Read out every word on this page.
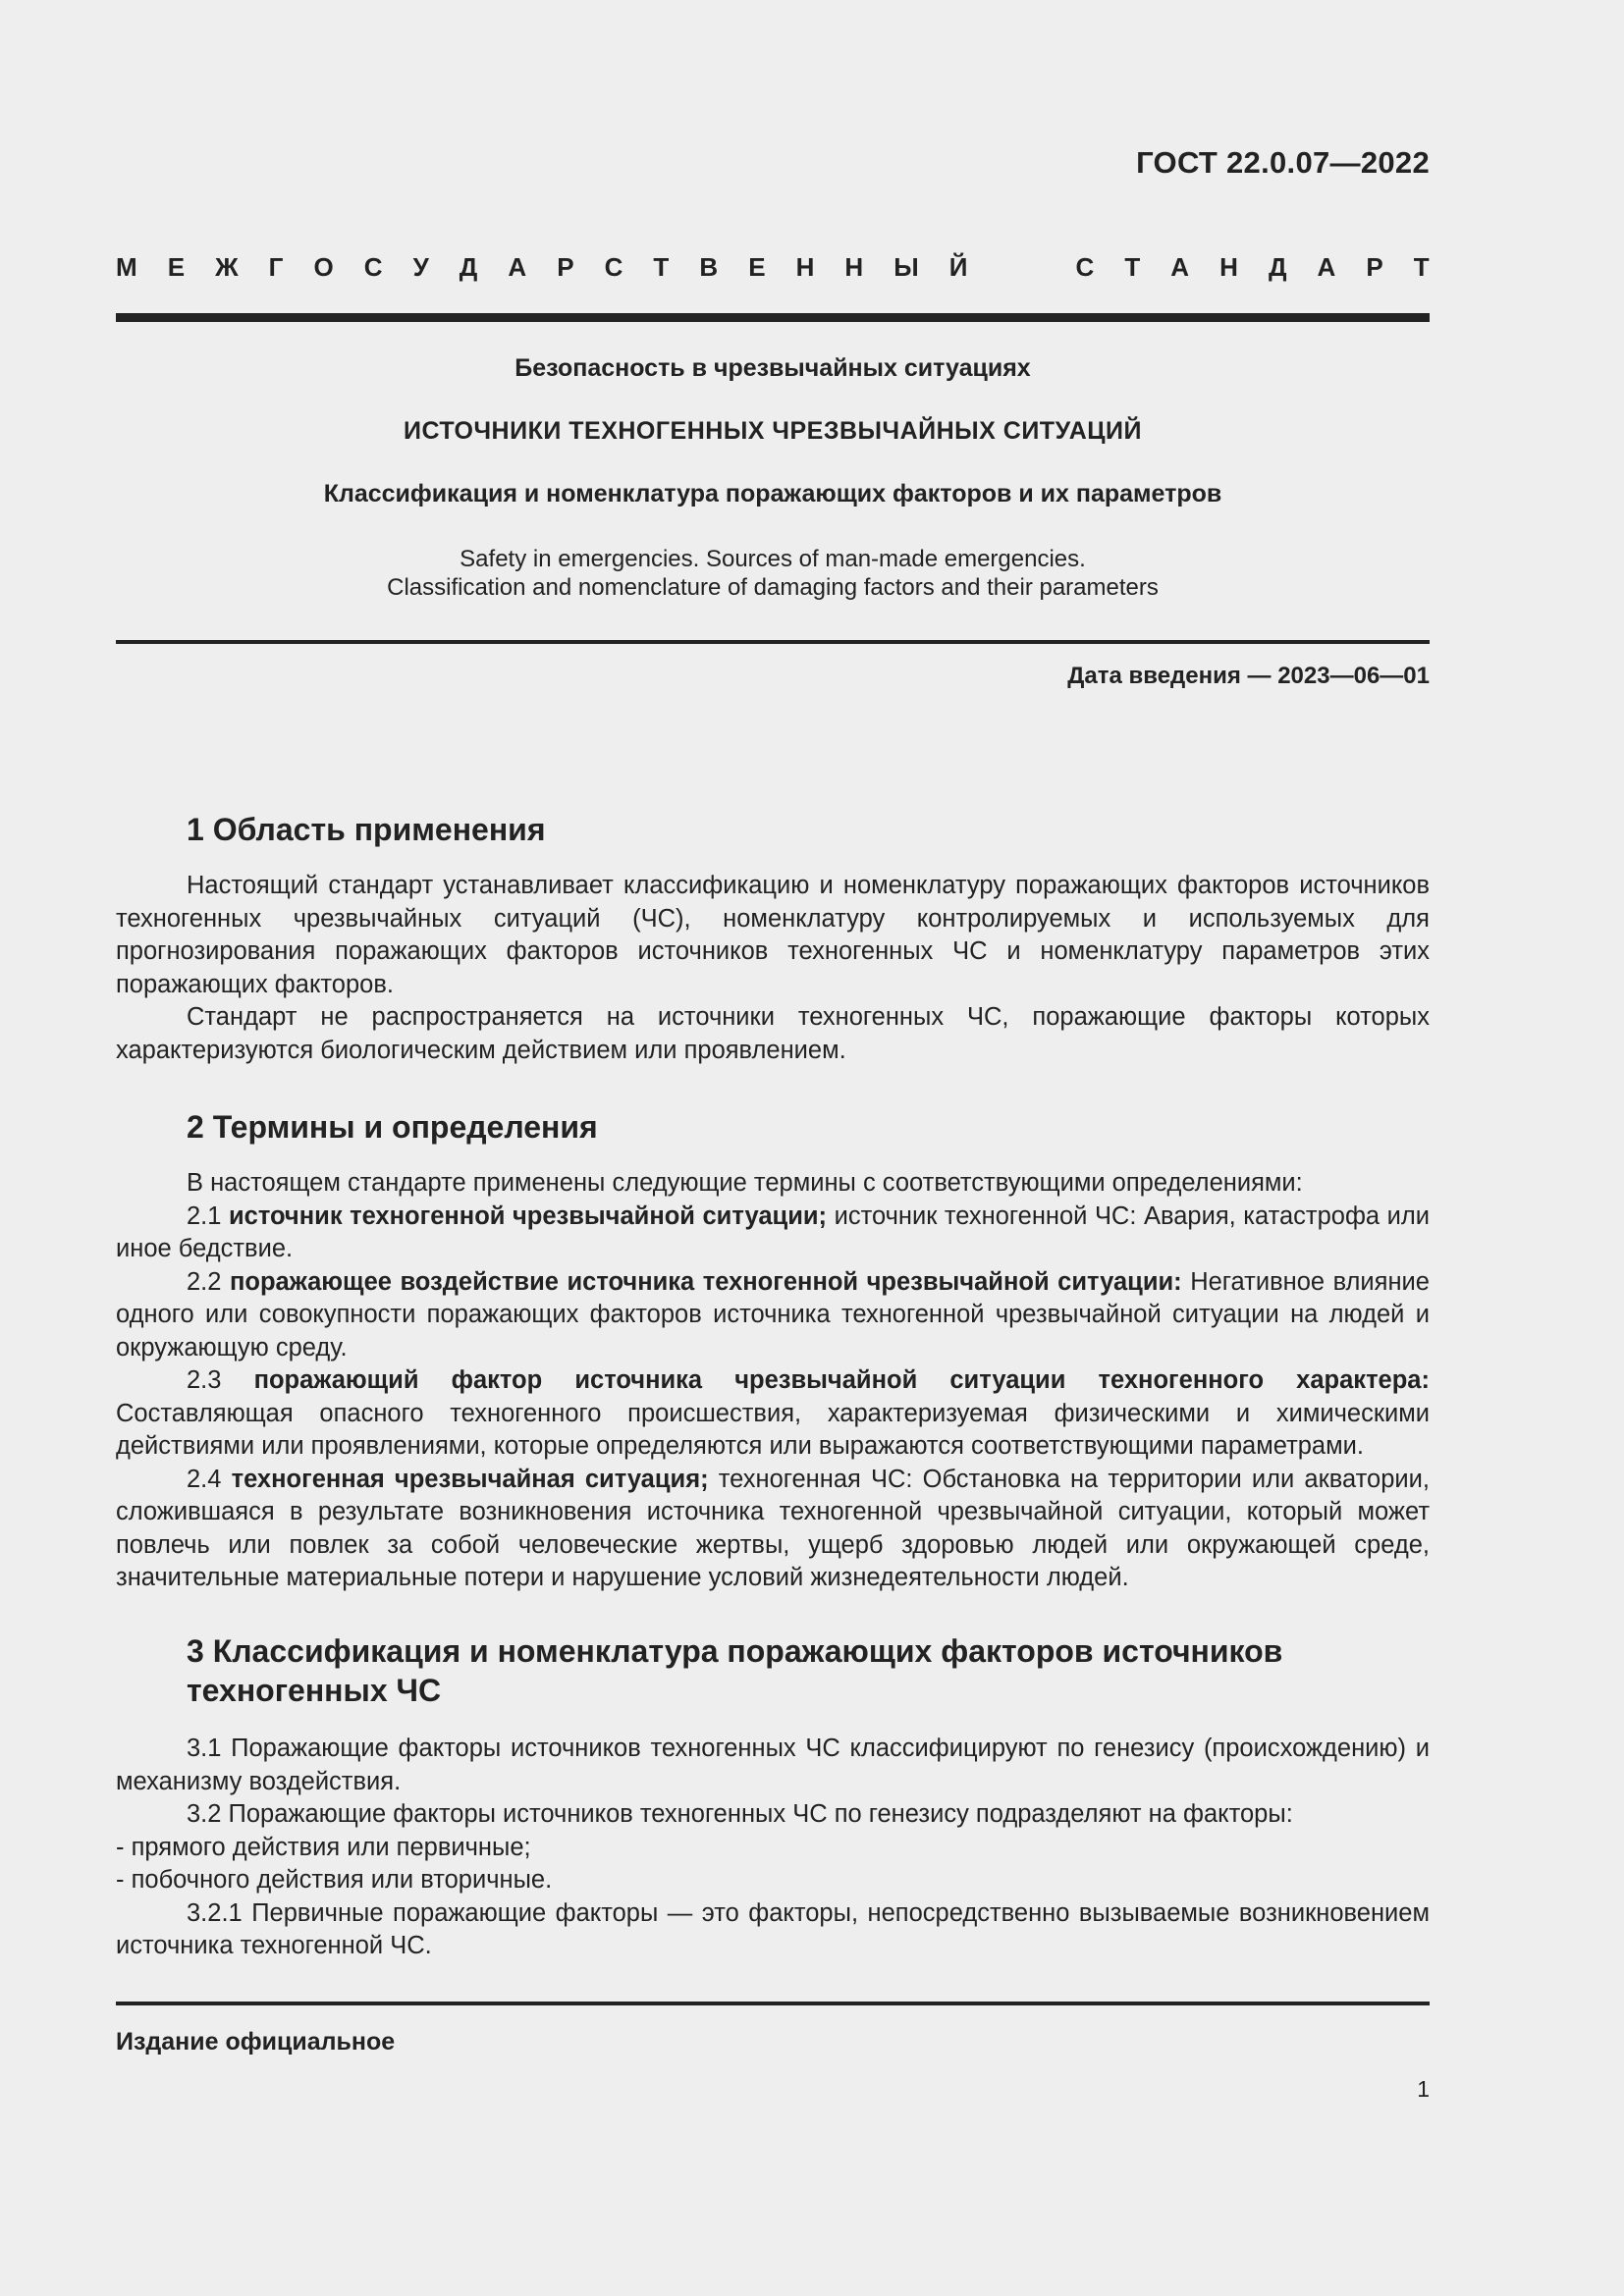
ГОСТ 22.0.07—2022
М Е Ж Г О С У Д А Р С Т В Е Н Н Ы Й	С Т А Н Д А Р Т
Безопасность в чрезвычайных ситуациях
ИСТОЧНИКИ ТЕХНОГЕННЫХ ЧРЕЗВЫЧАЙНЫХ СИТУАЦИЙ
Классификация и номенклатура поражающих факторов и их параметров
Safety in emergencies. Sources of man-made emergencies.
Classification and nomenclature of damaging factors and their parameters
Дата введения — 2023—06—01
1 Область применения

Настоящий стандарт устанавливает классификацию и номенклатуру поражающих факторов источников техногенных чрезвычайных ситуаций (ЧС), номенклатуру контролируемых и используемых для прогнозирования поражающих факторов источников техногенных ЧС и номенклатуру параметров этих поражающих факторов.

Стандарт не распространяется на источники техногенных ЧС, поражающие факторы которых характеризуются биологическим действием или проявлением.

2 Термины и определения

В настоящем стандарте применены следующие термины с соответствующими определениями:

2.1 источник техногенной чрезвычайной ситуации; источник техногенной ЧС: Авария, катастрофа или иное бедствие.

2.2 поражающее воздействие источника техногенной чрезвычайной ситуации: Негативное влияние одного или совокупности поражающих факторов источника техногенной чрезвычайной ситуации на людей и окружающую среду.

2.3 поражающий фактор источника чрезвычайной ситуации техногенного характера: Составляющая опасного техногенного происшествия, характеризуемая физическими и химическими действиями или проявлениями, которые определяются или выражаются соответствующими параметрами.

2.4 техногенная чрезвычайная ситуация; техногенная ЧС: Обстановка на территории или акватории, сложившаяся в результате возникновения источника техногенной чрезвычайной ситуации, который может повлечь или повлек за собой человеческие жертвы, ущерб здоровью людей или окружающей среде, значительные материальные потери и нарушение условий жизнедеятельности людей.

3 Классификация и номенклатура поражающих факторов источников
техногенных ЧС

3.1 Поражающие факторы источников техногенных ЧС классифицируют по генезису (происхождению) и механизму воздействия.

3.2 Поражающие факторы источников техногенных ЧС по генезису подразделяют на факторы:

- прямого действия или первичные;

- побочного действия или вторичные.

3.2.1 Первичные поражающие факторы — это факторы, непосредственно вызываемые возникновением источника техногенной ЧС.

Издание официальное
1
